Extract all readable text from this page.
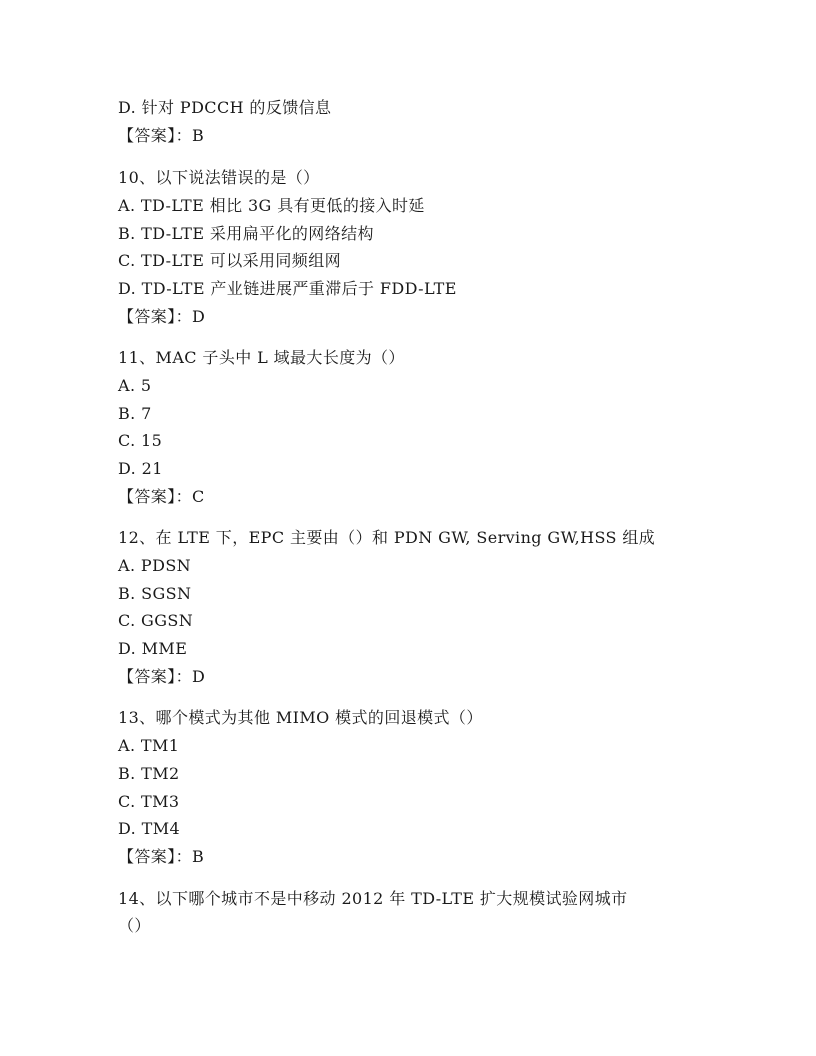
D. 针对 PDCCH 的反馈信息
【答案】：B
10、以下说法错误的是（）
A. TD-LTE 相比 3G 具有更低的接入时延
B. TD-LTE 采用扁平化的网络结构
C. TD-LTE 可以采用同频组网
D. TD-LTE 产业链进展严重滞后于 FDD-LTE
【答案】：D
11、MAC 子头中 L 域最大长度为（）
A. 5
B. 7
C. 15
D. 21
【答案】：C
12、在 LTE 下，EPC 主要由（）和 PDN GW, Serving GW,HSS 组成
A. PDSN
B. SGSN
C. GGSN
D. MME
【答案】：D
13、哪个模式为其他 MIMO 模式的回退模式（）
A. TM1
B. TM2
C. TM3
D. TM4
【答案】：B
14、以下哪个城市不是中移动 2012 年 TD-LTE 扩大规模试验网城市
（）
